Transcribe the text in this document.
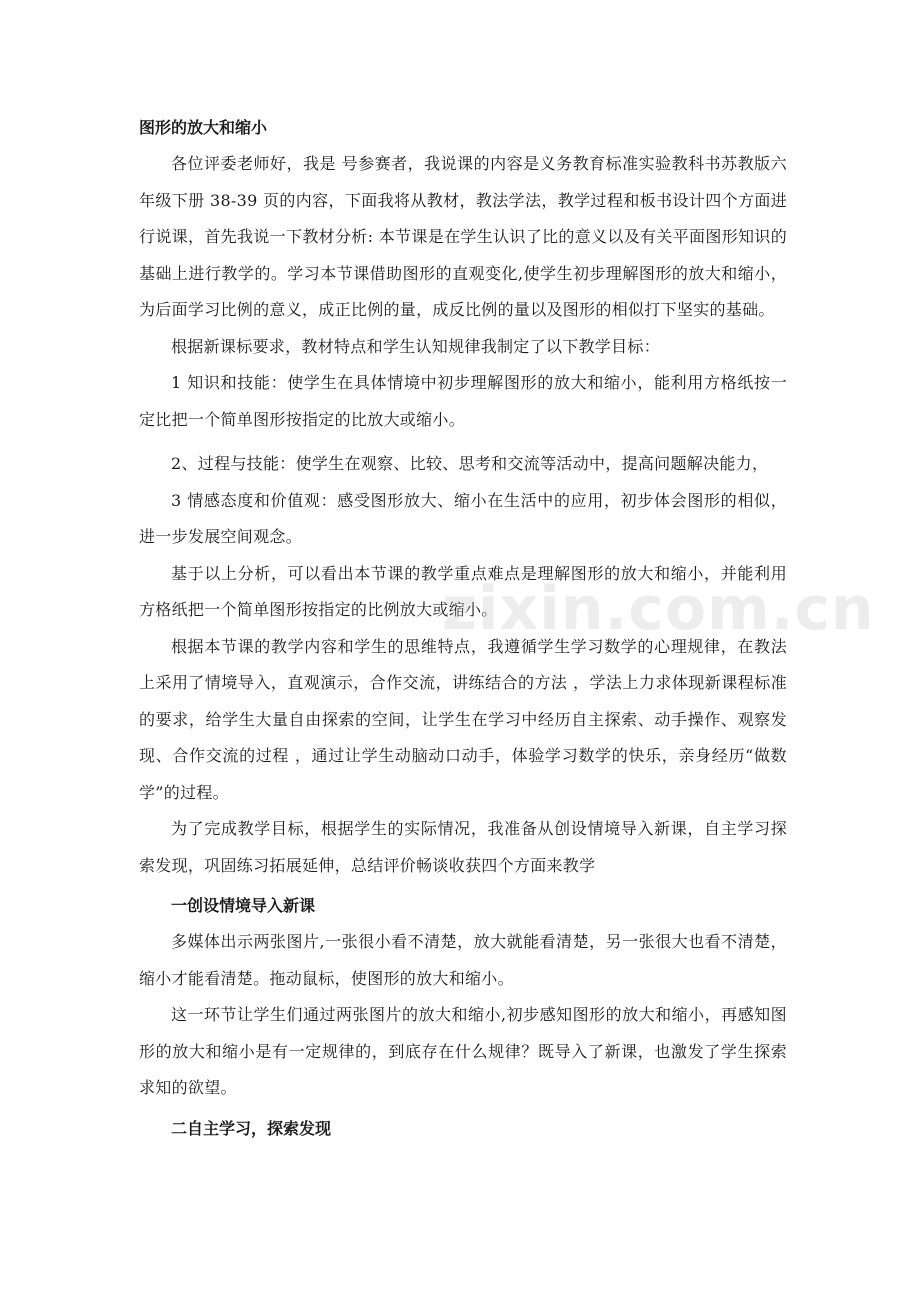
图形的放大和缩小

各位评委老师好，我是 号参赛者，我说课的内容是义务教育标准实验教科书苏教版六年级下册 38-39 页的内容，下面我将从教材，教法学法，教学过程和板书设计四个方面进行说课，首先我说一下教材分析: 本节课是在学生认识了比的意义以及有关平面图形知识的基础上进行教学的。学习本节课借助图形的直观变化,使学生初步理解图形的放大和缩小，为后面学习比例的意义，成正比例的量，成反比例的量以及图形的相似打下坚实的基础。

根据新课标要求，教材特点和学生认知规律我制定了以下教学目标：

1 知识和技能：使学生在具体情境中初步理解图形的放大和缩小，能利用方格纸按一定比把一个简单图形按指定的比放大或缩小。

2、过程与技能：使学生在观察、比较、思考和交流等活动中，提高问题解决能力，

3 情感态度和价值观：感受图形放大、缩小在生活中的应用，初步体会图形的相似，进一步发展空间观念。

基于以上分析，可以看出本节课的教学重点难点是理解图形的放大和缩小，并能利用方格纸把一个简单图形按指定的比例放大或缩小。

根据本节课的教学内容和学生的思维特点，我遵循学生学习数学的心理规律，在教法上采用了情境导入，直观演示，合作交流，讲练结合的方法 ，学法上力求体现新课程标准的要求，给学生大量自由探索的空间，让学生在学习中经历自主探索、动手操作、观察发现、合作交流的过程 ，通过让学生动脑动口动手，体验学习数学的快乐，亲身经历“做数学”的过程。

为了完成教学目标，根据学生的实际情况，我准备从创设情境导入新课，自主学习探索发现，巩固练习拓展延伸，总结评价畅谈收获四个方面来教学

一创设情境导入新课

多媒体出示两张图片,一张很小看不清楚，放大就能看清楚，另一张很大也看不清楚，缩小才能看清楚。拖动鼠标，使图形的放大和缩小。

这一环节让学生们通过两张图片的放大和缩小,初步感知图形的放大和缩小，再感知图形的放大和缩小是有一定规律的，到底存在什么规律？既导入了新课，也激发了学生探索求知的欲望。

二自主学习，探索发现
zixin.com.cn
